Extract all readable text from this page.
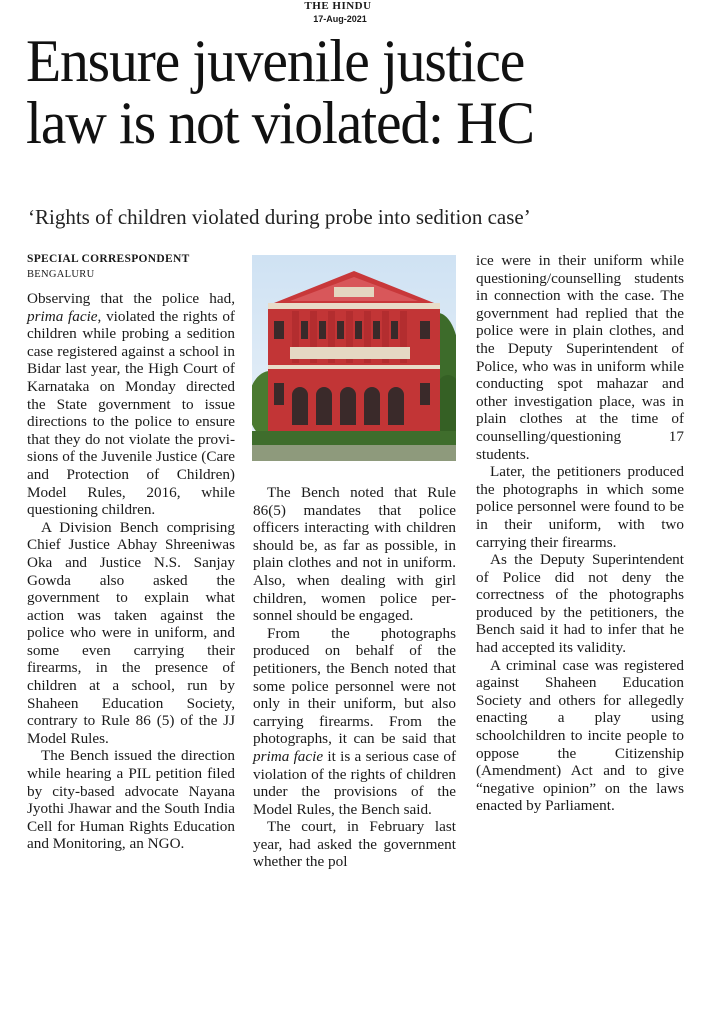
THE HINDU
17-Aug-2021
Ensure juvenile justice
law is not violated: HC
‘Rights of children violated during probe into sedition case’
SPECIAL CORRESPONDENT
BENGALURU

Observing that the police had, prima facie, violated the rights of children while probing a sedition case registered against a school in Bidar last year, the High Court of Karnataka on Monday directed the State government to issue directions to the police to ensure that they do not violate the provisions of the Juvenile Justice (Care and Protection of Children) Model Rules, 2016, while questioning children.

A Division Bench comprising Chief Justice Abhay Shreeniwas Oka and Justice N.S. Sanjay Gowda also asked the government to explain what action was taken against the police who were in uniform, and some even carrying their firearms, in the presence of children at a school, run by Shaheen Education Society, contrary to Rule 86 (5) of the JJ Model Rules.

The Bench issued the direction while hearing a PIL petition filed by city-based advocate Nayana Jyothi Jhawar and the South India Cell for Human Rights Education and Monitoring, an NGO.

The Bench noted that Rule 86(5) mandates that police officers interacting with children should be, as far as possible, in plain clothes and not in uniform. Also, when dealing with girl children, women police personnel should be engaged.

From the photographs produced on behalf of the petitioners, the Bench noted that some police personnel were not only in their uniform, but also carrying firearms. From the photographs, it can be said that prima facie it is a serious case of violation of the rights of children under the provisions of the Model Rules, the Bench said.

The court, in February last year, had asked the government whether the pol

ice were in their uniform while questioning/counselling students in connection with the case. The government had replied that the police were in plain clothes, and the Deputy Superintendent of Police, who was in uniform while conducting spot mahazar and other investigation place, was in plain clothes at the time of counselling/questioning 17 students.

Later, the petitioners produced the photographs in which some police personnel were found to be in their uniform, with two carrying their firearms.

As the Deputy Superintendent of Police did not deny the correctness of the photographs produced by the petitioners, the Bench said it had to infer that he had accepted its validity.

A criminal case was registered against Shaheen Education Society and others for allegedly enacting a play using schoolchildren to incite people to oppose the Citizenship (Amendment) Act and to give “negative opinion” on the laws enacted by Parliament.
